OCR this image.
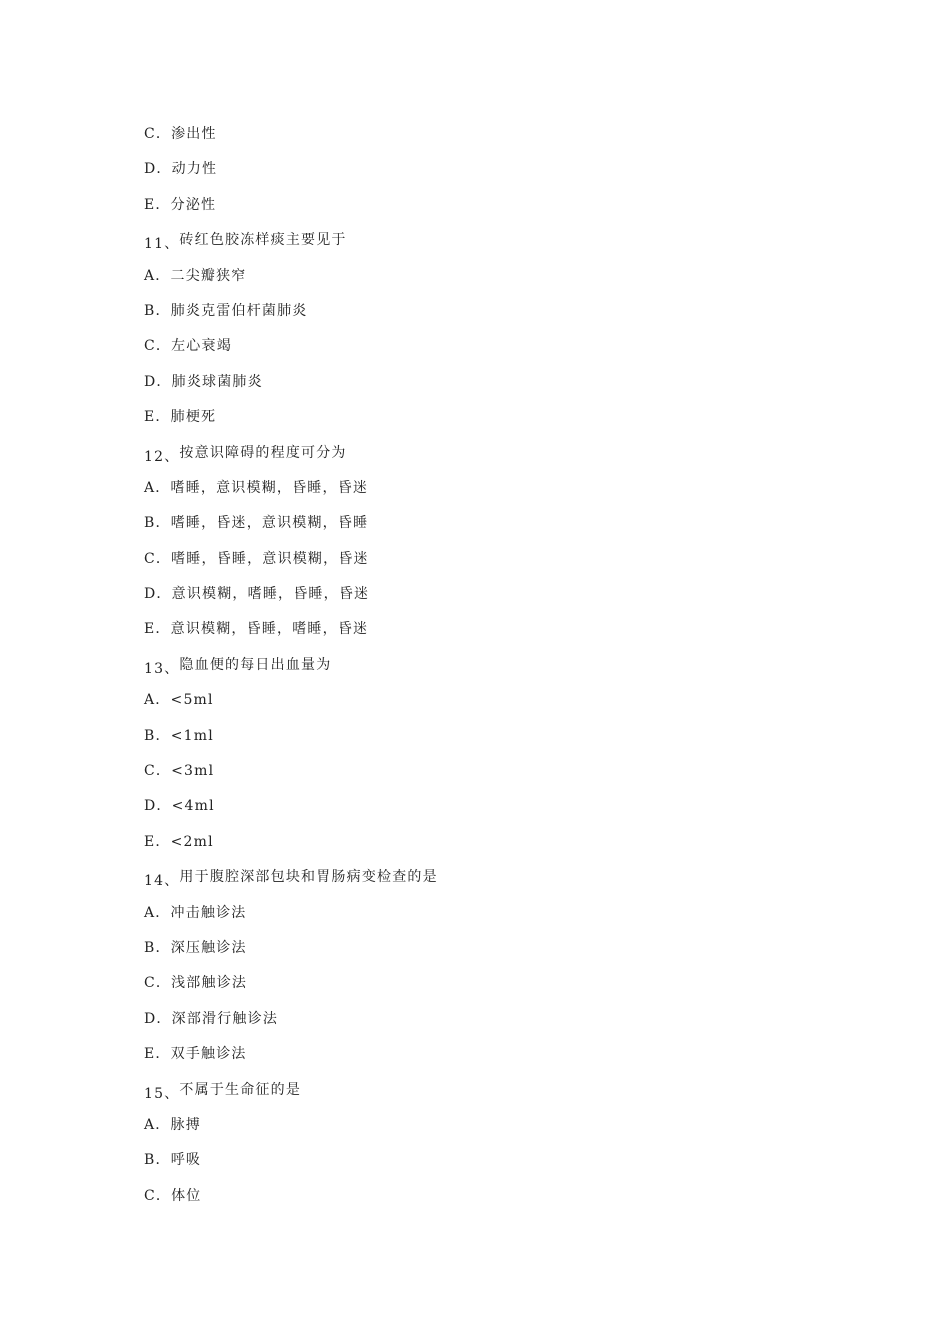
C．渗出性
D．动力性
E．分泌性
11、砖红色胶冻样痰主要见于
A．二尖瓣狭窄
B．肺炎克雷伯杆菌肺炎
C．左心衰竭
D．肺炎球菌肺炎
E．肺梗死
12、按意识障碍的程度可分为
A．嗜睡，意识模糊，昏睡，昏迷
B．嗜睡，昏迷，意识模糊，昏睡
C．嗜睡，昏睡，意识模糊，昏迷
D．意识模糊，嗜睡，昏睡，昏迷
E．意识模糊，昏睡，嗜睡，昏迷
13、隐血便的每日出血量为
A．<5ml
B．<1ml
C．<3ml
D．<4ml
E．<2ml
14、用于腹腔深部包块和胃肠病变检查的是
A．冲击触诊法
B．深压触诊法
C．浅部触诊法
D．深部滑行触诊法
E．双手触诊法
15、不属于生命征的是
A．脉搏
B．呼吸
C．体位
